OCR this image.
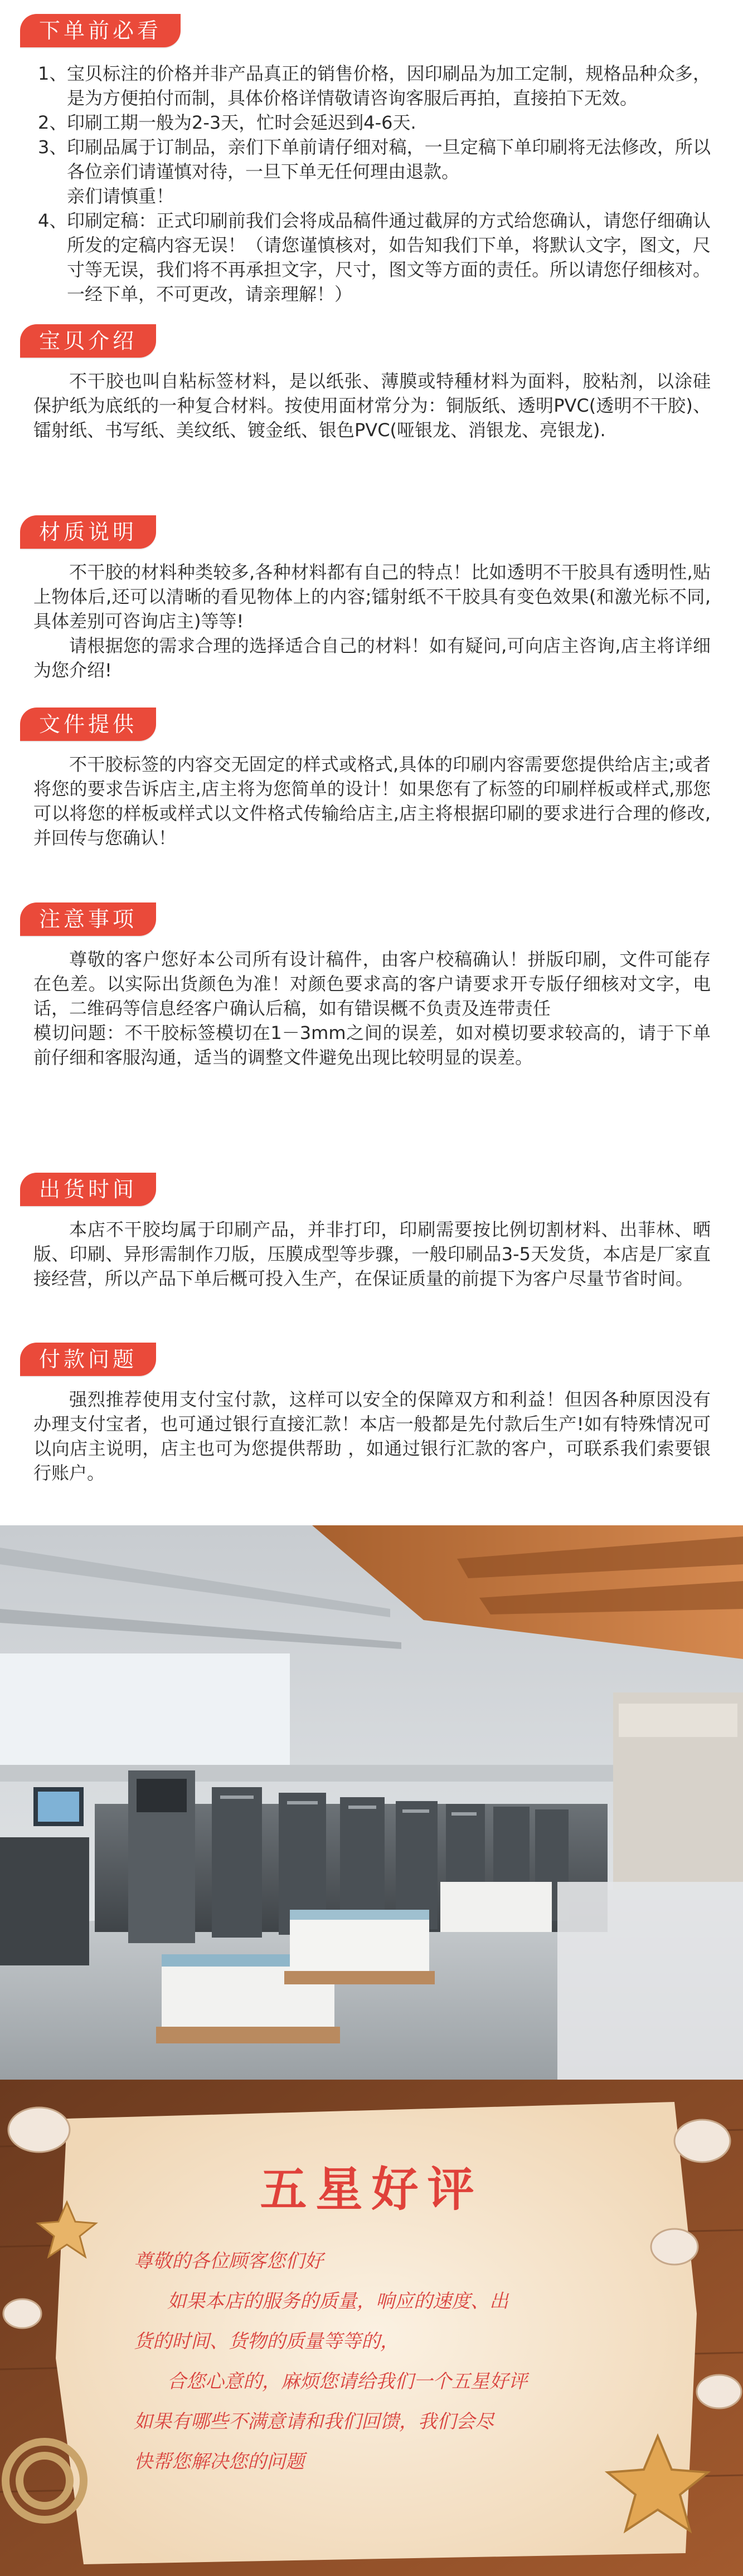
下单前必看
1、 宝贝标注的价格并非产品真正的销售价格，因印刷品为加工定制，规格品种众多，是为方便拍付而制，具体价格详情敬请咨询客服后再拍，直接拍下无效。
2、 印刷工期一般为2-3天，忙时会延迟到4-6天.
3、 印刷品属于订制品，亲们下单前请仔细对稿，一旦定稿下单印刷将无法修改，所以各位亲们请谨慎对待，一旦下单无任何理由退款。
亲们请慎重！
4、 印刷定稿：正式印刷前我们会将成品稿件通过截屏的方式给您确认，请您仔细确认所发的定稿内容无误！（请您谨慎核对，如告知我们下单，将默认文字，图文，尺寸等无误，我们将不再承担文字，尺寸，图文等方面的责任。所以请您仔细核对。一经下单，不可更改，请亲理解！）
宝贝介绍

不干胶也叫自粘标签材料，是以纸张、薄膜或特種材料为面料，胶粘剂，以涂硅保护纸为底纸的一种复合材料。按使用面材常分为：铜版纸、透明PVC(透明不干胶)、镭射纸、书写纸、美纹纸、镀金纸、银色PVC(哑银龙、消银龙、亮银龙).

材质说明

不干胶的材料种类较多,各种材料都有自己的特点！比如透明不干胶具有透明性,贴上物体后,还可以清晰的看见物体上的内容;镭射纸不干胶具有变色效果(和激光标不同,具体差别可咨询店主)等等!

请根据您的需求合理的选择适合自己的材料！如有疑问,可向店主咨询,店主将详细为您介绍!

文件提供

不干胶标签的内容交无固定的样式或格式,具体的印刷内容需要您提供给店主;或者将您的要求告诉店主,店主将为您简单的设计！如果您有了标签的印刷样板或样式,那您可以将您的样板或样式以文件格式传输给店主,店主将根据印刷的要求进行合理的修改,并回传与您确认！

注意事项

尊敬的客户您好本公司所有设计稿件，由客户校稿确认！拼版印刷，文件可能存在色差。以实际出货颜色为准！对颜色要求高的客户请要求开专版仔细核对文字，电话，二维码等信息经客户确认后稿，如有错误概不负责及连带责任

模切问题：不干胶标签模切在1－3mm之间的误差，如对模切要求较高的，请于下单前仔细和客服沟通，适当的调整文件避免出现比较明显的误差。

出货时间

本店不干胶均属于印刷产品，并非打印，印刷需要按比例切割材料、出菲林、晒版、印刷、异形需制作刀版，压膜成型等步骤，一般印刷品3-5天发货，本店是厂家直接经营，所以产品下单后概可投入生产，在保证质量的前提下为客户尽量节省时间。

付款问题

强烈推荐使用支付宝付款，这样可以安全的保障双方和利益！但因各种原因没有办理支付宝者，也可通过银行直接汇款！本店一般都是先付款后生产!如有特殊情况可以向店主说明，店主也可为您提供帮助 ，如通过银行汇款的客户，可联系我们索要银行账户。

五星好评
尊敬的各位顾客您们好
如果本店的服务的质量，响应的速度、出
货的时间、货物的质量等等的，
合您心意的，麻烦您请给我们一个五星好评
如果有哪些不满意请和我们回馈，我们会尽
快帮您解决您的问题
